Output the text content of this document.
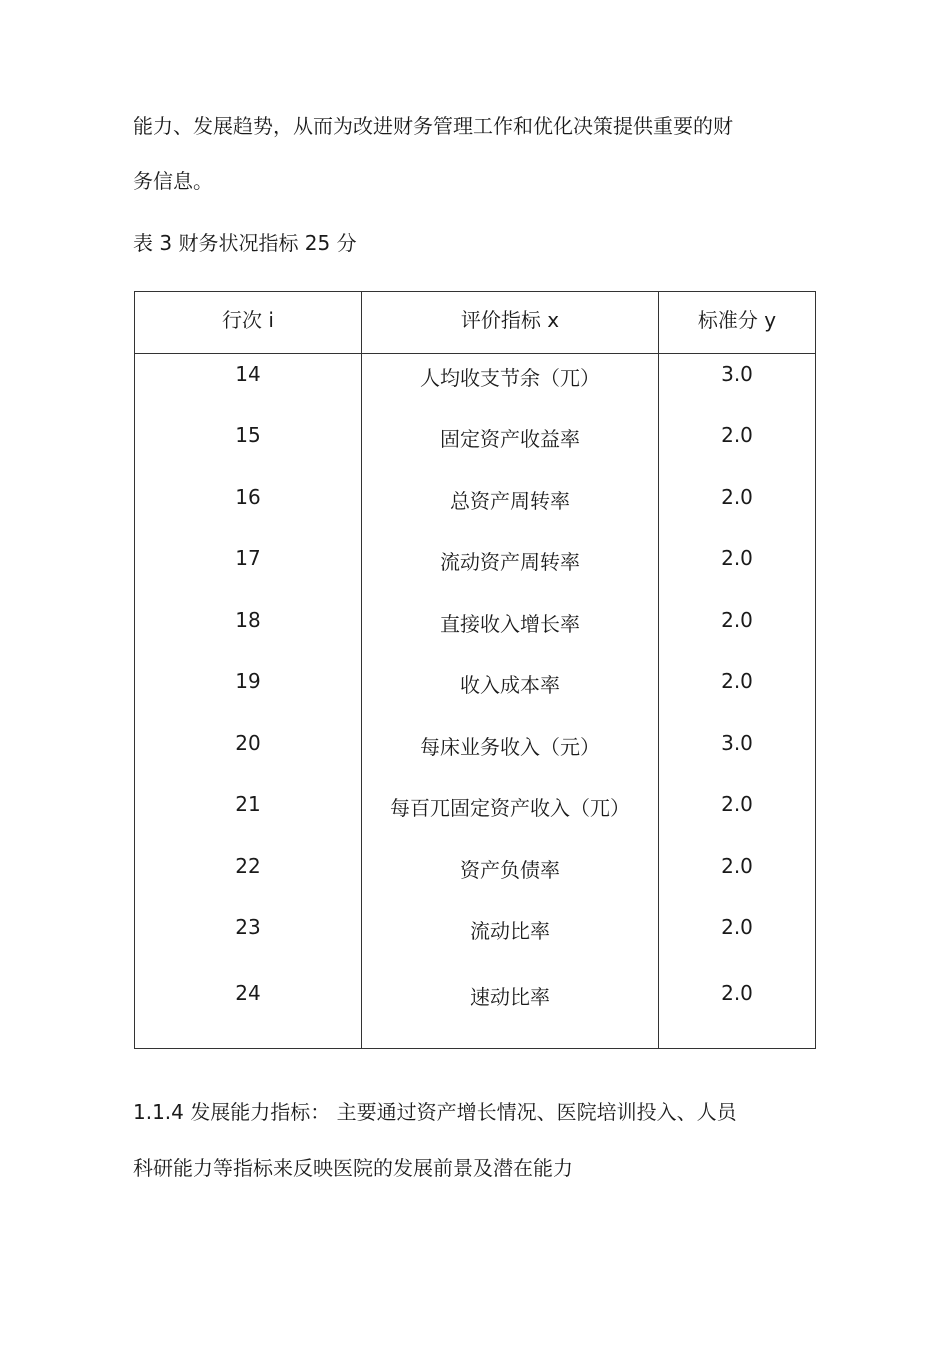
能力、发展趋势，从而为改进财务管理工作和优化决策提供重要的财

务信息。

表 3 财务状况指标 25 分

行次 i	评价指标 x	标准分 y
14	人均收支节余（兀）	3.0
15	固定资产收益率	2.0
16	总资产周转率	2.0
17	流动资产周转率	2.0
18	直接收入增长率	2.0
19	收入成本率	2.0
20	每床业务收入（元）	3.0
21	每百兀固定资产收入（兀）	2.0
22	资产负债率	2.0
23	流动比率	2.0
24	速动比率	2.0

1.1.4 发展能力指标： 主要通过资产增长情况、医院培训投入、人员

科研能力等指标来反映医院的发展前景及潜在能力
